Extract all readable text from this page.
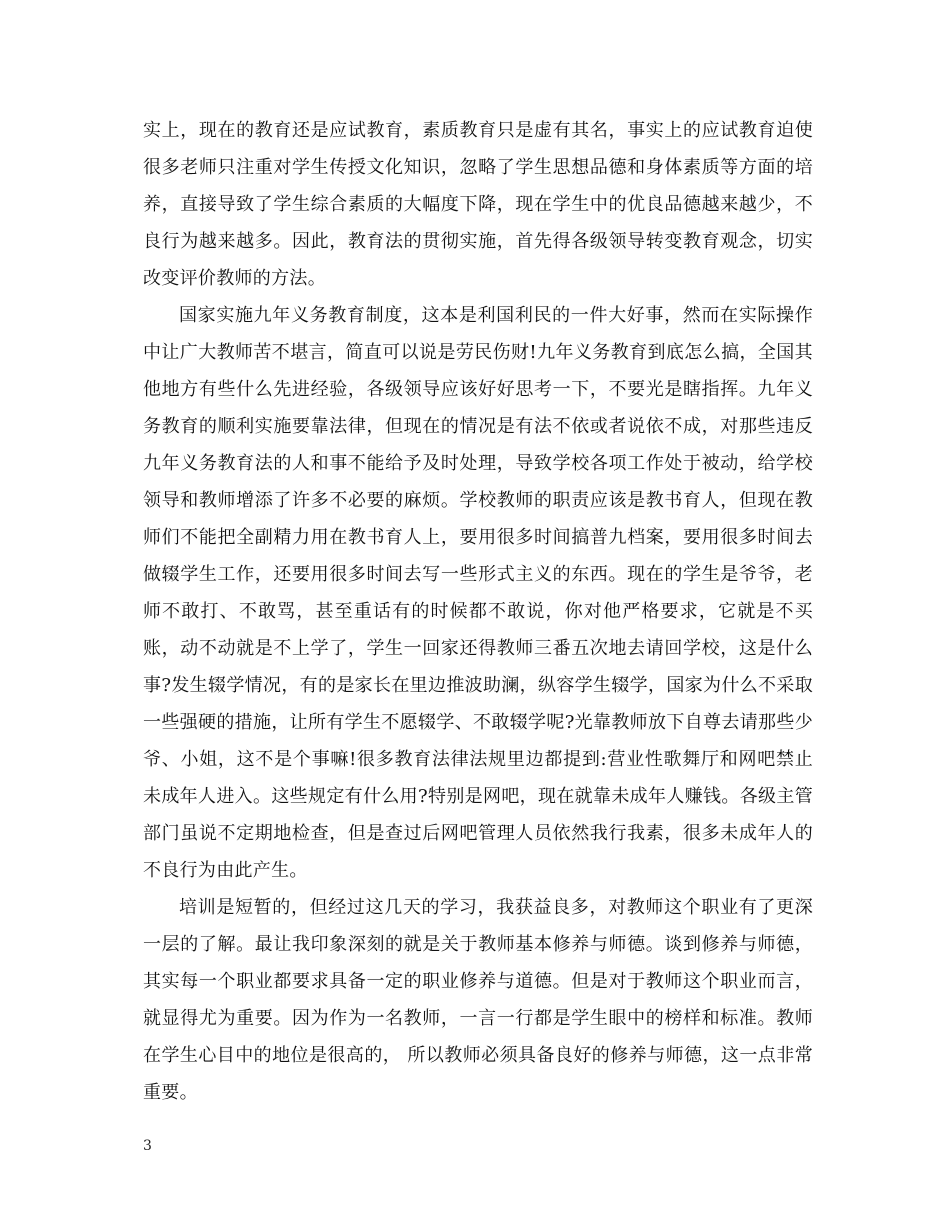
实上，现在的教育还是应试教育，素质教育只是虚有其名，事实上的应试教育迫使很多老师只注重对学生传授文化知识，忽略了学生思想品德和身体素质等方面的培养，直接导致了学生综合素质的大幅度下降，现在学生中的优良品德越来越少，不良行为越来越多。因此，教育法的贯彻实施，首先得各级领导转变教育观念，切实改变评价教师的方法。

国家实施九年义务教育制度，这本是利国利民的一件大好事，然而在实际操作中让广大教师苦不堪言，简直可以说是劳民伤财!九年义务教育到底怎么搞，全国其他地方有些什么先进经验，各级领导应该好好思考一下，不要光是瞎指挥。九年义务教育的顺利实施要靠法律，但现在的情况是有法不依或者说依不成，对那些违反九年义务教育法的人和事不能给予及时处理，导致学校各项工作处于被动，给学校领导和教师增添了许多不必要的麻烦。学校教师的职责应该是教书育人，但现在教师们不能把全副精力用在教书育人上，要用很多时间搞普九档案，要用很多时间去做辍学生工作，还要用很多时间去写一些形式主义的东西。现在的学生是爷爷，老师不敢打、不敢骂，甚至重话有的时候都不敢说，你对他严格要求，它就是不买账，动不动就是不上学了，学生一回家还得教师三番五次地去请回学校，这是什么事?发生辍学情况，有的是家长在里边推波助澜，纵容学生辍学，国家为什么不采取一些强硬的措施，让所有学生不愿辍学、不敢辍学呢?光靠教师放下自尊去请那些少爷、小姐，这不是个事嘛!很多教育法律法规里边都提到:营业性歌舞厅和网吧禁止未成年人进入。这些规定有什么用?特别是网吧，现在就靠未成年人赚钱。各级主管部门虽说不定期地检查，但是查过后网吧管理人员依然我行我素，很多未成年人的不良行为由此产生。

培训是短暂的，但经过这几天的学习，我获益良多，对教师这个职业有了更深一层的了解。最让我印象深刻的就是关于教师基本修养与师德。谈到修养与师德，其实每一个职业都要求具备一定的职业修养与道德。但是对于教师这个职业而言，就显得尤为重要。因为作为一名教师，一言一行都是学生眼中的榜样和标准。教师在学生心目中的地位是很高的， 所以教师必须具备良好的修养与师德，这一点非常重要。

3
